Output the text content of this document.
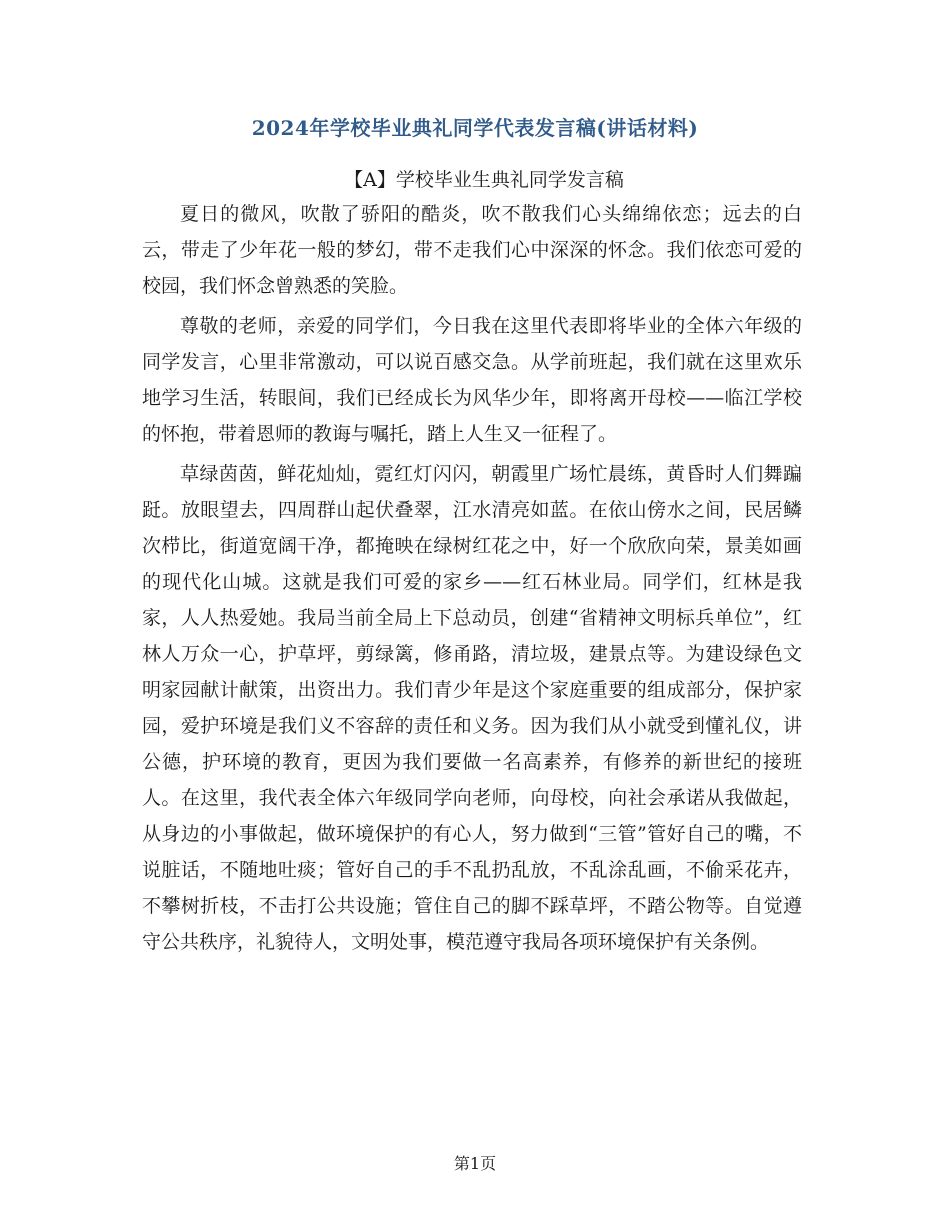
2024年学校毕业典礼同学代表发言稿(讲话材料)
【A】学校毕业生典礼同学发言稿

夏日的微风，吹散了骄阳的酷炎，吹不散我们心头绵绵依恋；远去的白云，带走了少年花一般的梦幻，带不走我们心中深深的怀念。我们依恋可爱的校园，我们怀念曾熟悉的笑脸。

尊敬的老师，亲爱的同学们，今日我在这里代表即将毕业的全体六年级的同学发言，心里非常激动，可以说百感交急。从学前班起，我们就在这里欢乐地学习生活，转眼间，我们已经成长为风华少年，即将离开母校——临江学校的怀抱，带着恩师的教诲与嘱托，踏上人生又一征程了。

草绿茵茵，鲜花灿灿，霓红灯闪闪，朝霞里广场忙晨练，黄昏时人们舞蹁跹。放眼望去，四周群山起伏叠翠，江水清亮如蓝。在依山傍水之间，民居鳞次栉比，街道宽阔干净，都掩映在绿树红花之中，好一个欣欣向荣，景美如画的现代化山城。这就是我们可爱的家乡——红石林业局。同学们，红林是我家，人人热爱她。我局当前全局上下总动员，创建“省精神文明标兵单位”，红林人万众一心，护草坪，剪绿篱，修甬路，清垃圾，建景点等。为建设绿色文明家园献计献策，出资出力。我们青少年是这个家庭重要的组成部分，保护家园，爱护环境是我们义不容辞的责任和义务。因为我们从小就受到懂礼仪，讲公德，护环境的教育，更因为我们要做一名高素养，有修养的新世纪的接班人。在这里，我代表全体六年级同学向老师，向母校，向社会承诺从我做起，从身边的小事做起，做环境保护的有心人，努力做到“三管”管好自己的嘴，不说脏话，不随地吐痰；管好自己的手不乱扔乱放，不乱涂乱画，不偷采花卉，不攀树折枝，不击打公共设施；管住自己的脚不踩草坪，不踏公物等。自觉遵守公共秩序，礼貌待人，文明处事，模范遵守我局各项环境保护有关条例。

第1页
